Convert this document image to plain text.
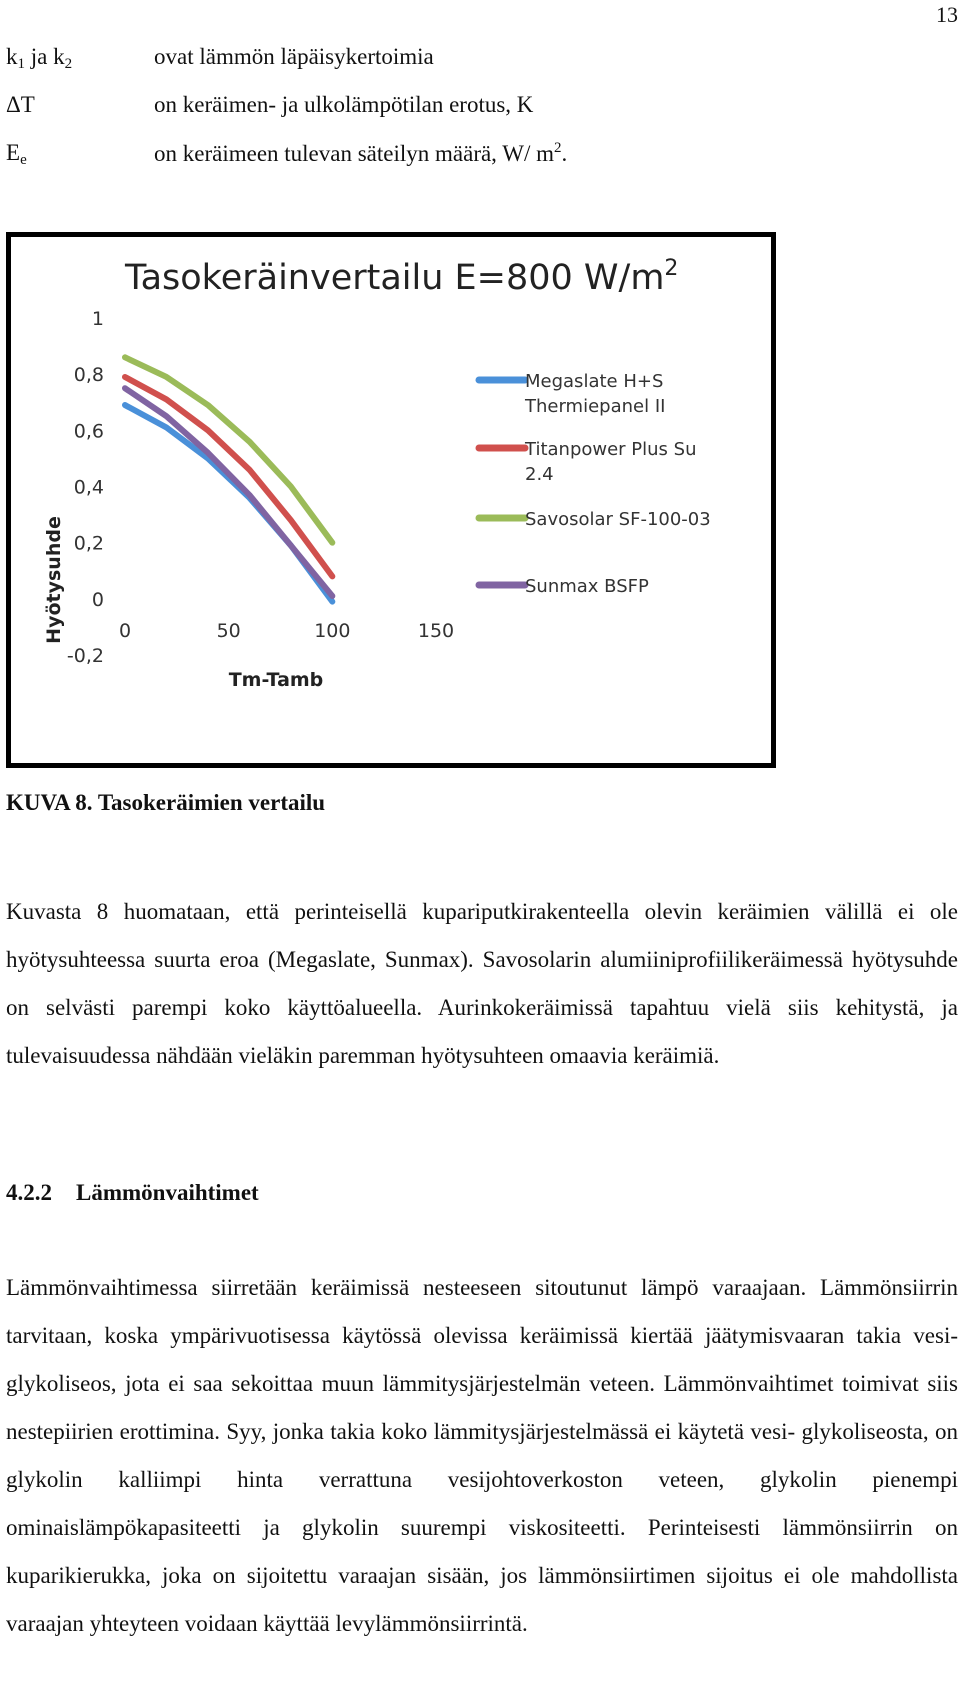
13
$k_1$ ja $k_2$	ovat lämmön läpäisykertoimia
ΔT	on keräimen- ja ulkolämpötilan erotus, K
$E_e$	on keräimeen tulevan säteilyn määrä, W/ $m^2$.
Tasokeräinvertailu E=800 $W/m^2$
Hyötysuhde
Tm-Tamb
1
0,8
0,6
0,4
0,2
0
-0,2
0	50	100	150
Megaslate H+S Thermiepanel II
Titanpower Plus Su 2.4
Savosolar SF-100-03
Sunmax BSFP
KUVA 8. Tasokeräimien vertailu

Kuvasta 8 huomataan, että perinteisellä kupariputkirakenteella olevin keräimien välillä ei ole hyötysuhteessa suurta eroa (Megaslate, Sunmax). Savosolarin alumiiniprofiilikeräimessä hyötysuhde on selvästi parempi koko käyttöalueella. Aurinkokeräimissä tapahtuu vielä siis kehitystä, ja tulevaisuudessa nähdään vieläkin paremman hyötysuhteen omaavia keräimiä.

4.2.2 Lämmönvaihtimet

Lämmönvaihtimessa siirretään keräimissä nesteeseen sitoutunut lämpö varaajaan. Lämmönsiirrin tarvitaan, koska ympärivuotisessa käytössä olevissa keräimissä kiertää jäätymisvaaran takia vesi-glykoliseos, jota ei saa sekoittaa muun lämmitysjärjestelmän veteen. Lämmönvaihtimet toimivat siis nestepiirien erottimina. Syy, jonka takia koko lämmitysjärjestelmässä ei käytetä vesi- glykoliseosta, on glykolin kalliimpi hinta verrattuna vesijohtoverkoston veteen, glykolin pienempi ominaislämpökapasiteetti ja glykolin suurempi viskositeetti. Perinteisesti lämmönsiirrin on kuparikierukka, joka on sijoitettu varaajan sisään, jos lämmönsiirtimen sijoitus ei ole mahdollista varaajan yhteyteen voidaan käyttää levylämmönsiirrintä.
